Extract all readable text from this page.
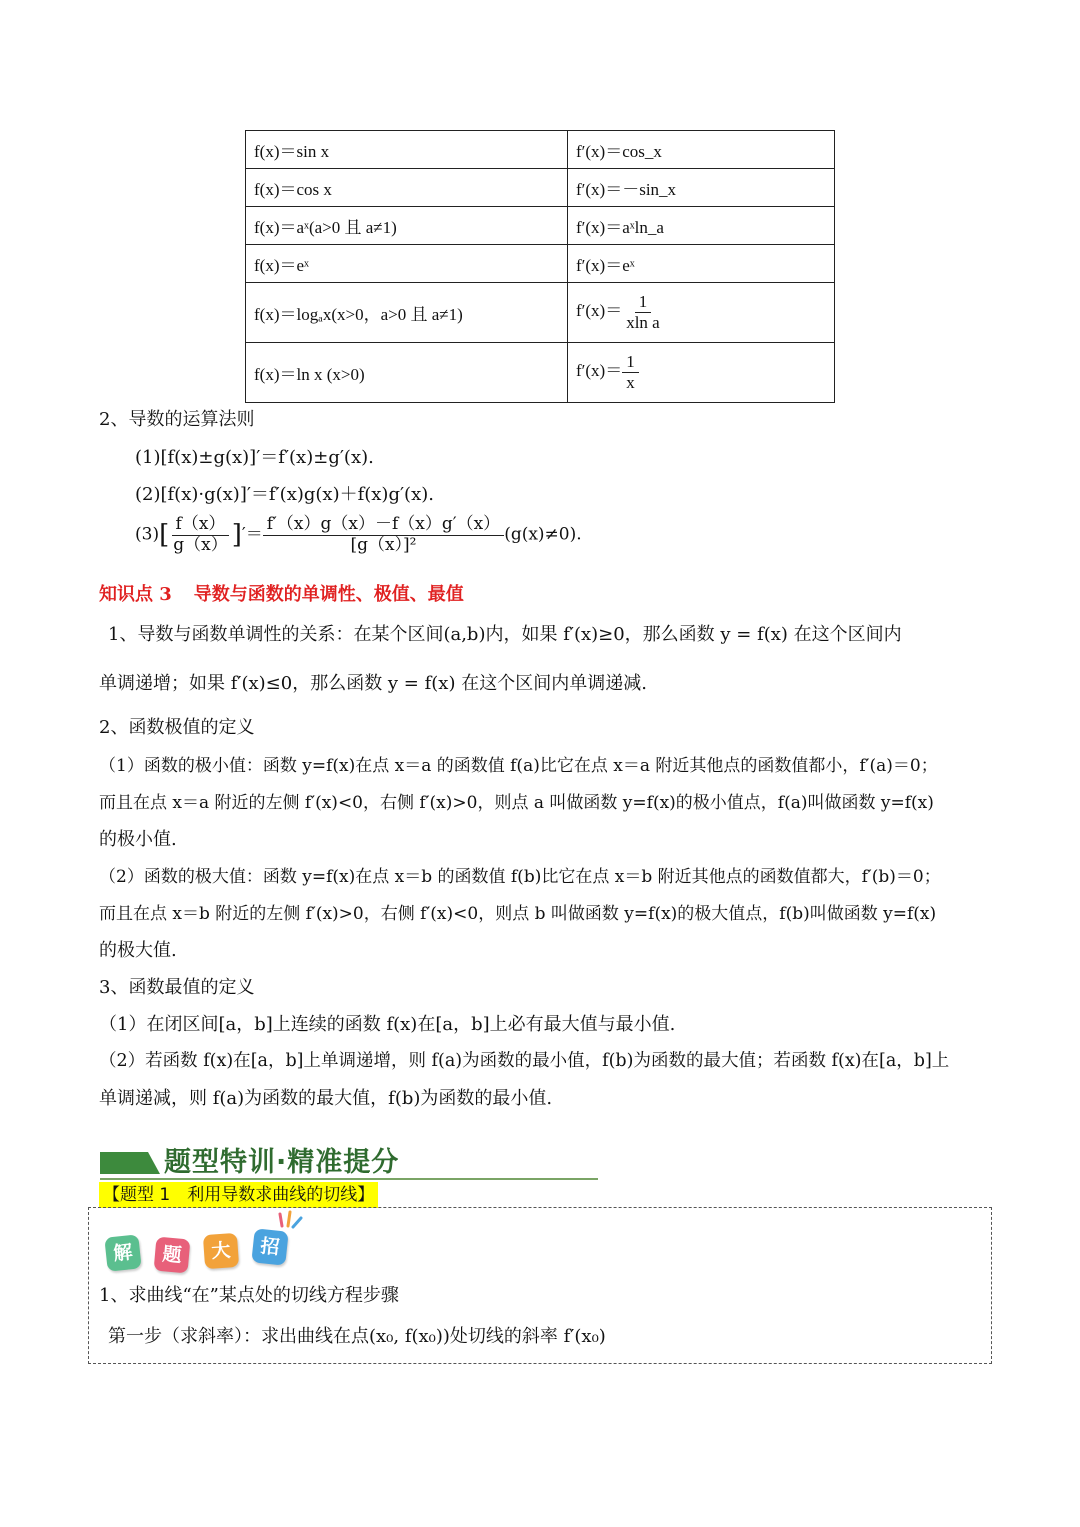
f(x)＝sin x	f′(x)＝cos_x
f(x)＝cos x	f′(x)＝－sin_x
f(x)＝aˣ(a>0 且 a≠1)	f′(x)＝aˣln_a
f(x)＝eˣ	f′(x)＝eˣ
f(x)＝logₐx(x>0，a>0 且 a≠1)	$f'(x)= \frac{1}{\text{xln a}}$

f(x)＝ln x (x>0)	$f'(x)= \frac{1}{x}$
2、导数的运算法则
(1)[f(x)±g(x)]′＝f′(x)±g′(x).
(2)[f(x)·g(x)]′＝f′(x)g(x)＋f(x)g′(x).
$(3)[ \frac{f(x)}{g(x)}$ ]′＝ $\frac{f'(x)g(x)-f(x)g'(x)}{\text{[g（x）]²}} (g(x)\ne 0)$.
知识点 3 导数与函数的单调性、极值、最值
1、导数与函数单调性的关系：在某个区间(a,b)内，如果 f′(x)≥0，那么函数 y = f(x) 在这个区间内
单调递增；如果 f′(x)≤0，那么函数 y = f(x) 在这个区间内单调递减.
2、函数极值的定义
（1）函数的极小值：函数 y=f(x)在点 x＝a 的函数值 f(a)比它在点 x＝a 附近其他点的函数值都小，f′(a)＝0；
而且在点 x＝a 附近的左侧 f′(x)<0，右侧 f′(x)>0，则点 a 叫做函数 y=f(x)的极小值点，f(a)叫做函数 y=f(x)
的极小值.
（2）函数的极大值：函数 y=f(x)在点 x＝b 的函数值 f(b)比它在点 x＝b 附近其他点的函数值都大，f′(b)＝0；
而且在点 x＝b 附近的左侧 f′(x)>0，右侧 f′(x)<0，则点 b 叫做函数 y=f(x)的极大值点，f(b)叫做函数 y=f(x)
的极大值.
3、函数最值的定义
（1）在闭区间[a，b]上连续的函数 f(x)在[a，b]上必有最大值与最小值.
（2）若函数 f(x)在[a，b]上单调递增，则 f(a)为函数的最小值，f(b)为函数的最大值；若函数 f(x)在[a，b]上
单调递减，则 f(a)为函数的最大值，f(b)为函数的最小值.
题型特训·精准提分
【题型 1　利用导数求曲线的切线】
解	题	大	招
1、求曲线“在”某点处的切线方程步骤
第一步（求斜率）：求出曲线在点(x₀, f(x₀))处切线的斜率 f′(x₀)
